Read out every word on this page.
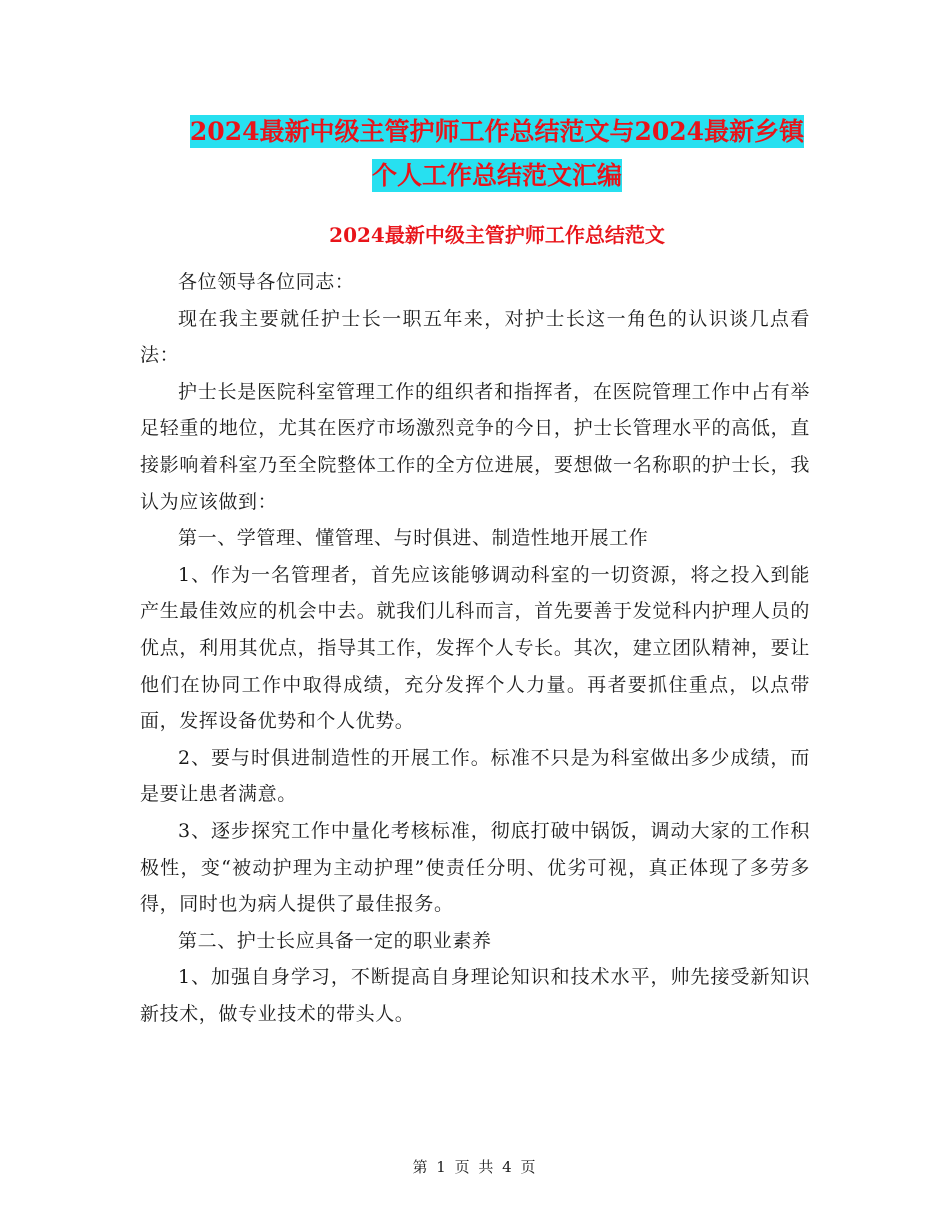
2024最新中级主管护师工作总结范文与2024最新乡镇
个人工作总结范文汇编
2024最新中级主管护师工作总结范文

各位领导各位同志：

现在我主要就任护士长一职五年来，对护士长这一角色的认识谈几点看法：

护士长是医院科室管理工作的组织者和指挥者，在医院管理工作中占有举足轻重的地位，尤其在医疗市场激烈竞争的今日，护士长管理水平的高低，直接影响着科室乃至全院整体工作的全方位进展，要想做一名称职的护士长，我认为应该做到：

第一、学管理、懂管理、与时俱进、制造性地开展工作

1、作为一名管理者，首先应该能够调动科室的一切资源，将之投入到能产生最佳效应的机会中去。就我们儿科而言，首先要善于发觉科内护理人员的优点，利用其优点，指导其工作，发挥个人专长。其次，建立团队精神，要让他们在协同工作中取得成绩，充分发挥个人力量。再者要抓住重点，以点带面，发挥设备优势和个人优势。

2、要与时俱进制造性的开展工作。标准不只是为科室做出多少成绩，而是要让患者满意。

3、逐步探究工作中量化考核标准，彻底打破中锅饭，调动大家的工作积极性，变“被动护理为主动护理”使责任分明、优劣可视，真正体现了多劳多得，同时也为病人提供了最佳报务。

第二、护士长应具备一定的职业素养

1、加强自身学习，不断提高自身理论知识和技术水平，帅先接受新知识新技术，做专业技术的带头人。

第 1 页 共 4 页
